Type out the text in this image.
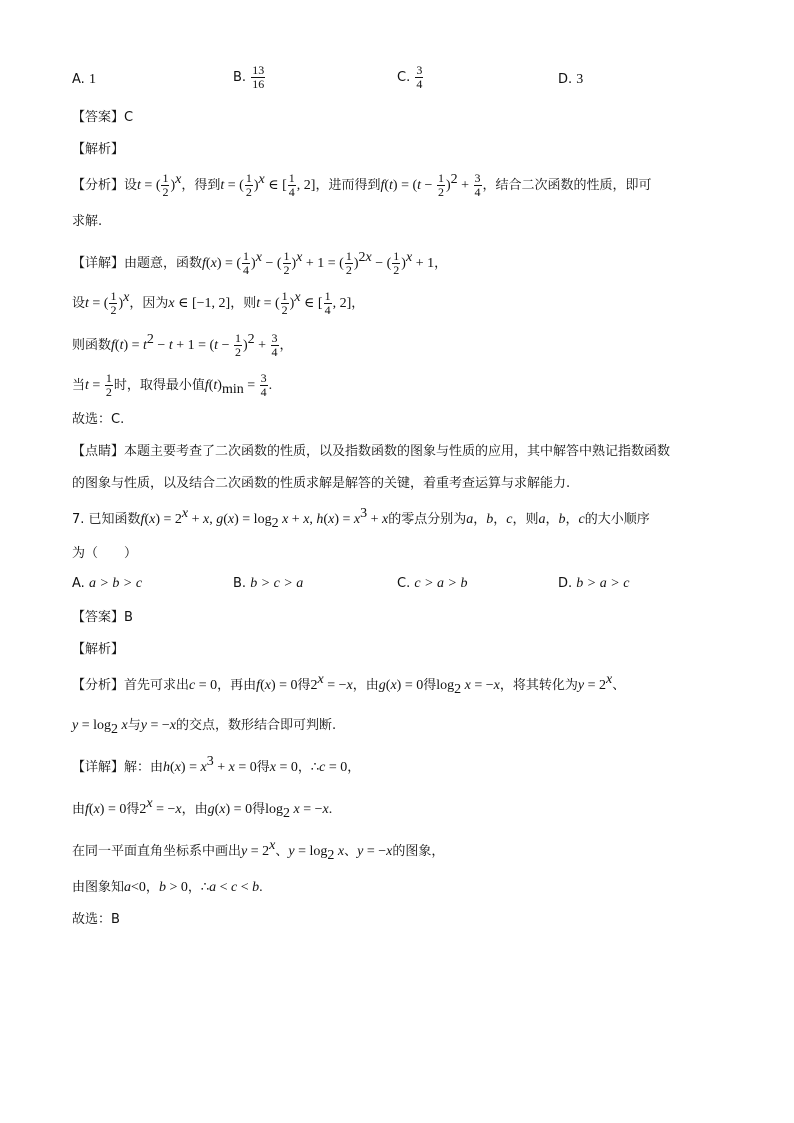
A. 1	B. $\frac{13}{16}$	C. $\frac{3}{4}$	D. 3
【答案】C
【解析】
【分析】设t = ( $\frac{1}{2} )^x$，得到t = ( $\frac{1}{2} )^x$ ∈ [ $\frac{1}{4}$ , 2]，进而得到$f(t) = (t - \frac{1}{2} )^2 + \frac{3}{4}$ ，结合二次函数的性质，即可
求解.
【详解】由题意，函数f(x) = ( $\frac{1}{4} )^x$ − ( $\frac{1}{2} )^x + 1$ = ( $\frac{1}{2} )^{2x}$ − ( $\frac{1}{2} )^x + 1$，
设t = ( $\frac{1}{2} )^x$，因为x ∈ [−1, 2]，则t = ( $\frac{1}{2} )^x$ ∈ [ $\frac{1}{4}$ , 2]，
则函数$f(t) = t^2 - t + 1 = (t - \frac{1}{2} )^2 + \frac{3}{4}$ ，
当$t = \frac{1}{2}$ 时，取得最小值$f(t)_{min} = \frac{3}{4}$ .
故选：C.
【点睛】本题主要考查了二次函数的性质，以及指数函数的图象与性质的应用，其中解答中熟记指数函数
的图象与性质，以及结合二次函数的性质求解是解答的关键，着重考查运算与求解能力.
7. 已知函数$f(x) = 2^x + x$, $g(x) = \log_2 x + x$, $h(x) = x^3 + x$的零点分别为a，b，c，则a，b，c的大小顺序
为（　　）
A. a > b > c	B. b > c > a	C. c > a > b	D. b > a > c
【答案】B
【解析】
【分析】首先可求出c = 0，再由f(x) = 0得$2^x = -x$，由g(x) = 0得$\log_2 x = -x$，将其转化为$y = 2^x$、
$y = \log_2 x$与y = −x的交点，数形结合即可判断.
【详解】解：由$h(x) = x^3 + x = 0$得x = 0，∴c = 0，
由f(x) = 0得$2^x = -x$，由g(x) = 0得$\log_2 x = -x$.
在同一平面直角坐标系中画出$y = 2^x$、$y = \log_2 x$、y = −x的图象，
由图象知a<0，b > 0，∴a < c < b.
故选：B
